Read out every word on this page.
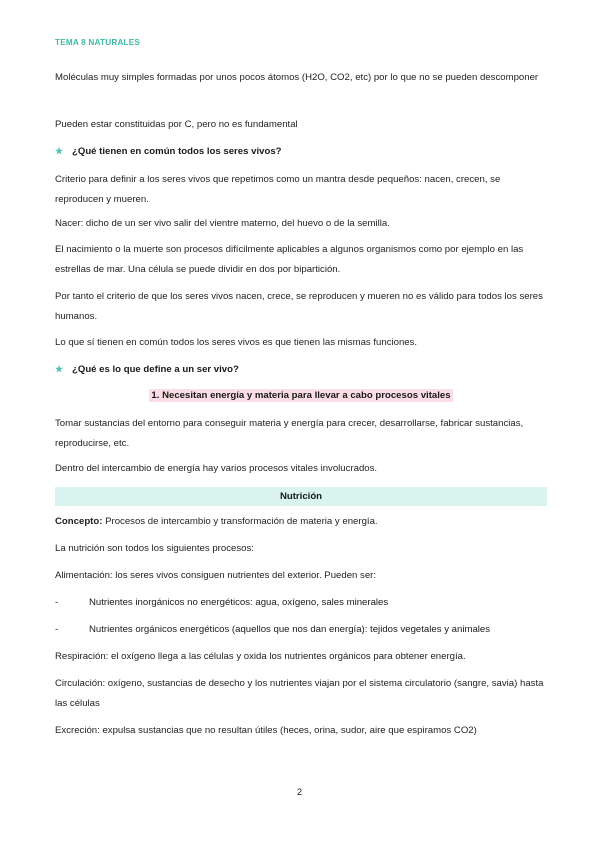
TEMA 8 NATURALES
Moléculas muy simples formadas por unos pocos átomos (H2O, CO2, etc) por lo que no se pueden descomponer
Pueden estar constituidas por C, pero no es fundamental
★ ¿Qué tienen en común todos los seres vivos?
Criterio para definir a los seres vivos que repetimos como un mantra desde pequeños: nacen, crecen, se reproducen y mueren.
Nacer: dicho de un ser vivo salir del vientre materno, del huevo o de la semilla.
El nacimiento o la muerte son procesos difícilmente aplicables a algunos organismos como por ejemplo en las estrellas de mar. Una célula se puede dividir en dos por bipartición.
Por tanto el criterio de que los seres vivos nacen, crece, se reproducen y mueren no es válido para todos los seres humanos.
Lo que sí tienen en común todos los seres vivos es que tienen las mismas funciones.
★ ¿Qué es lo que define a un ser vivo?
1. Necesitan energía y materia para llevar a cabo procesos vitales
Tomar sustancias del entorno para conseguir materia y energía para crecer, desarrollarse, fabricar sustancias, reproducirse, etc.
Dentro del intercambio de energía hay varios procesos vitales involucrados.
Nutrición
Concepto: Procesos de intercambio y transformación de materia y energía.
La nutrición son todos los siguientes procesos:
Alimentación: los seres vivos consiguen nutrientes del exterior. Pueden ser:
-	Nutrientes inorgánicos no energéticos: agua, oxígeno, sales minerales
-	Nutrientes orgánicos energéticos (aquellos que nos dan energía): tejidos vegetales y animales
Respiración: el oxígeno llega a las células y oxida los nutrientes orgánicos para obtener energía.
Circulación: oxígeno, sustancias de desecho y los nutrientes viajan por el sistema circulatorio (sangre, savia) hasta las células
Excreción: expulsa sustancias que no resultan útiles (heces, orina, sudor, aire que espiramos CO2)
2
